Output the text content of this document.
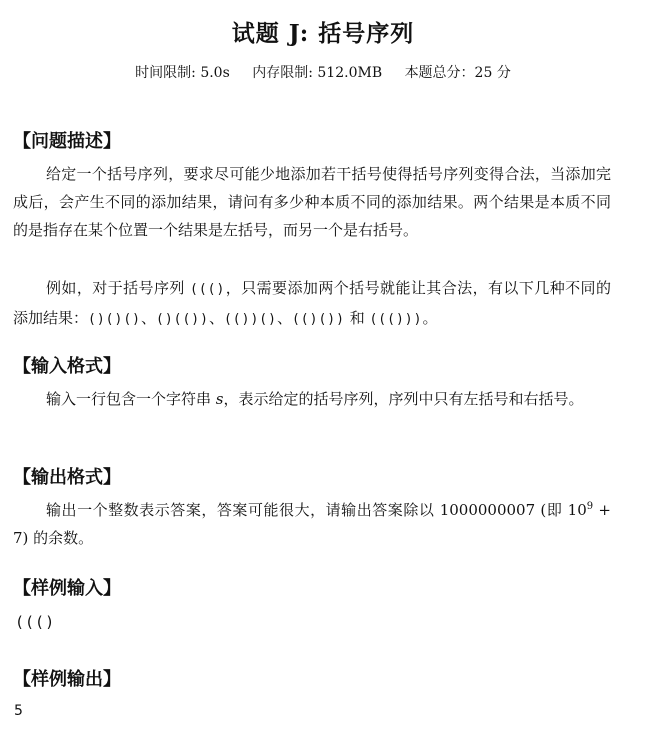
试题 J: 括号序列
时间限制: 5.0s 内存限制: 512.0MB 本题总分：25 分
【问题描述】
给定一个括号序列，要求尽可能少地添加若干括号使得括号序列变得合法，当添加完成后，会产生不同的添加结果，请问有多少种本质不同的添加结果。两个结果是本质不同的是指存在某个位置一个结果是左括号，而另一个是右括号。
例如，对于括号序列 ((()，只需要添加两个括号就能让其合法，有以下几种不同的添加结果：()()()、()(())、(())()、(()()) 和 ((()))。
【输入格式】
输入一行包含一个字符串 s，表示给定的括号序列，序列中只有左括号和右括号。
【输出格式】
输出一个整数表示答案，答案可能很大，请输出答案除以 1000000007 (即 $10^9 + 7$) 的余数。
【样例输入】
((()
【样例输出】
5
